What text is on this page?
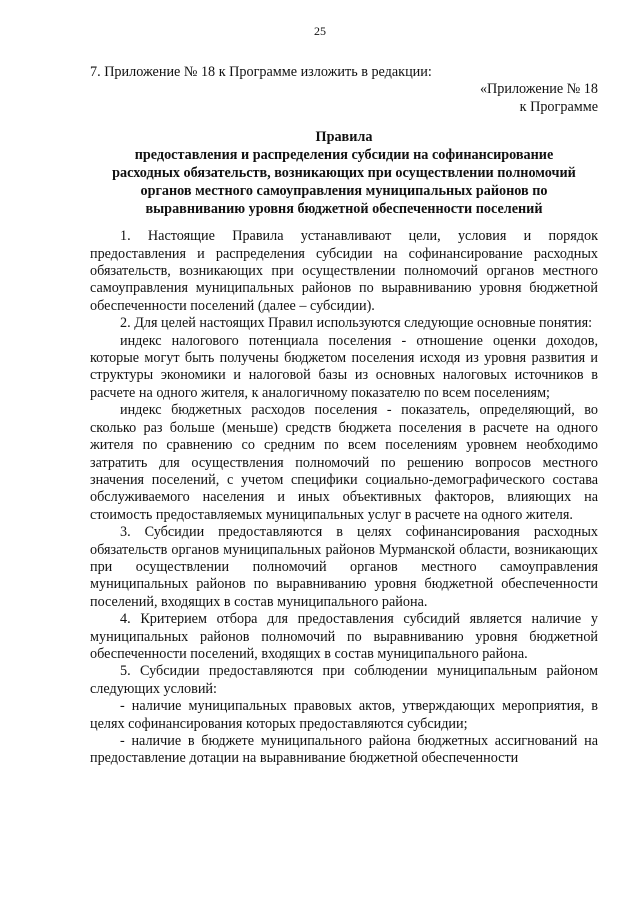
25

7. Приложение № 18 к Программе изложить в редакции:

«Приложение № 18

к Программе

Правила
предоставления и распределения субсидии на софинансирование
расходных обязательств, возникающих при осуществлении полномочий
органов местного самоуправления муниципальных районов по
выравниванию уровня бюджетной обеспеченности поселений

1. Настоящие Правила устанавливают цели, условия и порядок предоставления и распределения субсидии на софинансирование расходных обязательств, возникающих при осуществлении полномочий органов местного самоуправления муниципальных районов по выравниванию уровня бюджетной обеспеченности поселений (далее – субсидии).

2. Для целей настоящих Правил используются следующие основные понятия:

индекс налогового потенциала поселения - отношение оценки доходов, которые могут быть получены бюджетом поселения исходя из уровня развития и структуры экономики и налоговой базы из основных налоговых источников в расчете на одного жителя, к аналогичному показателю по всем поселениям;

индекс бюджетных расходов поселения - показатель, определяющий, во сколько раз больше (меньше) средств бюджета поселения в расчете на одного жителя по сравнению со средним по всем поселениям уровнем необходимо затратить для осуществления полномочий по решению вопросов местного значения поселений, с учетом специфики социально-демографического состава обслуживаемого населения и иных объективных факторов, влияющих на стоимость предоставляемых муниципальных услуг в расчете на одного жителя.

3. Субсидии предоставляются в целях софинансирования расходных обязательств органов муниципальных районов Мурманской области, возникающих при осуществлении полномочий органов местного самоуправления муниципальных районов по выравниванию уровня бюджетной обеспеченности поселений, входящих в состав муниципального района.

4. Критерием отбора для предоставления субсидий является наличие у муниципальных районов полномочий по выравниванию уровня бюджетной обеспеченности поселений, входящих в состав муниципального района.

5. Субсидии предоставляются при соблюдении муниципальным районом следующих условий:

- наличие муниципальных правовых актов, утверждающих мероприятия, в целях софинансирования которых предоставляются субсидии;

- наличие в бюджете муниципального района бюджетных ассигнований на предоставление дотации на выравнивание бюджетной обеспеченности
